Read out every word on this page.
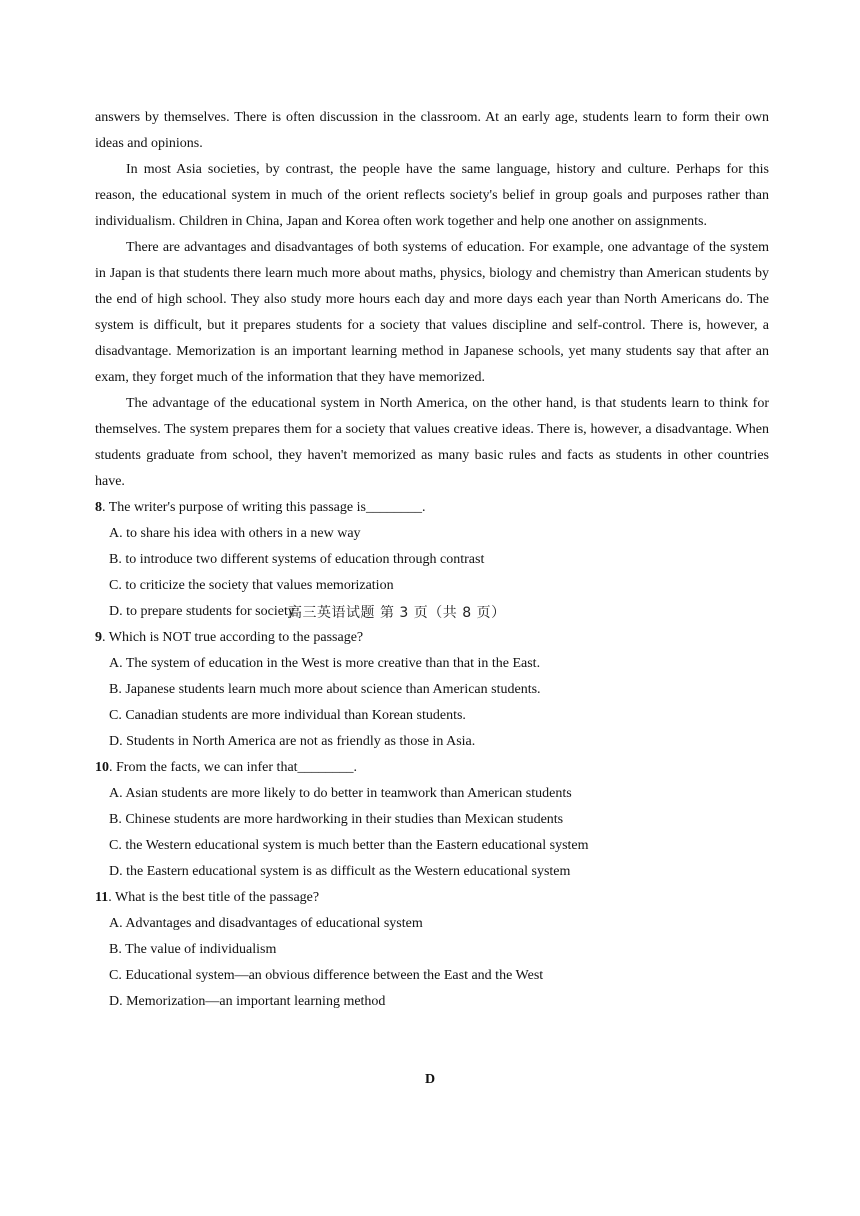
answers by themselves. There is often discussion in the classroom. At an early age, students learn to form their own ideas and opinions.

In most Asia societies, by contrast, the people have the same language, history and culture. Perhaps for this reason, the educational system in much of the orient reflects society's belief in group goals and purposes rather than individualism. Children in China, Japan and Korea often work together and help one another on assignments.

There are advantages and disadvantages of both systems of education. For example, one advantage of the system in Japan is that students there learn much more about maths, physics, biology and chemistry than American students by the end of high school. They also study more hours each day and more days each year than North Americans do. The system is difficult, but it prepares students for a society that values discipline and self-control. There is, however, a disadvantage. Memorization is an important learning method in Japanese schools, yet many students say that after an exam, they forget much of the information that they have memorized.

The advantage of the educational system in North America, on the other hand, is that students learn to think for themselves. The system prepares them for a society that values creative ideas. There is, however, a disadvantage. When students graduate from school, they haven't memorized as many basic rules and facts as students in other countries have.

8. The writer's purpose of writing this passage is________.

A. to share his idea with others in a new way

B. to introduce two different systems of education through contrast

C. to criticize the society that values memorization

D. to prepare students for society

9. Which is NOT true according to the passage?

A. The system of education in the West is more creative than that in the East.

B. Japanese students learn much more about science than American students.

C. Canadian students are more individual than Korean students.

D. Students in North America are not as friendly as those in Asia.

10. From the facts, we can infer that________.

A. Asian students are more likely to do better in teamwork than American students

B. Chinese students are more hardworking in their studies than Mexican students

C. the Western educational system is much better than the Eastern educational system

D. the Eastern educational system is as difficult as the Western educational system

11. What is the best title of the passage?

A. Advantages and disadvantages of educational system

B. The value of individualism

C. Educational system—an obvious difference between the East and the West

D. Memorization—an important learning method

高三英语试题 第 3 页（共 8 页）
D
